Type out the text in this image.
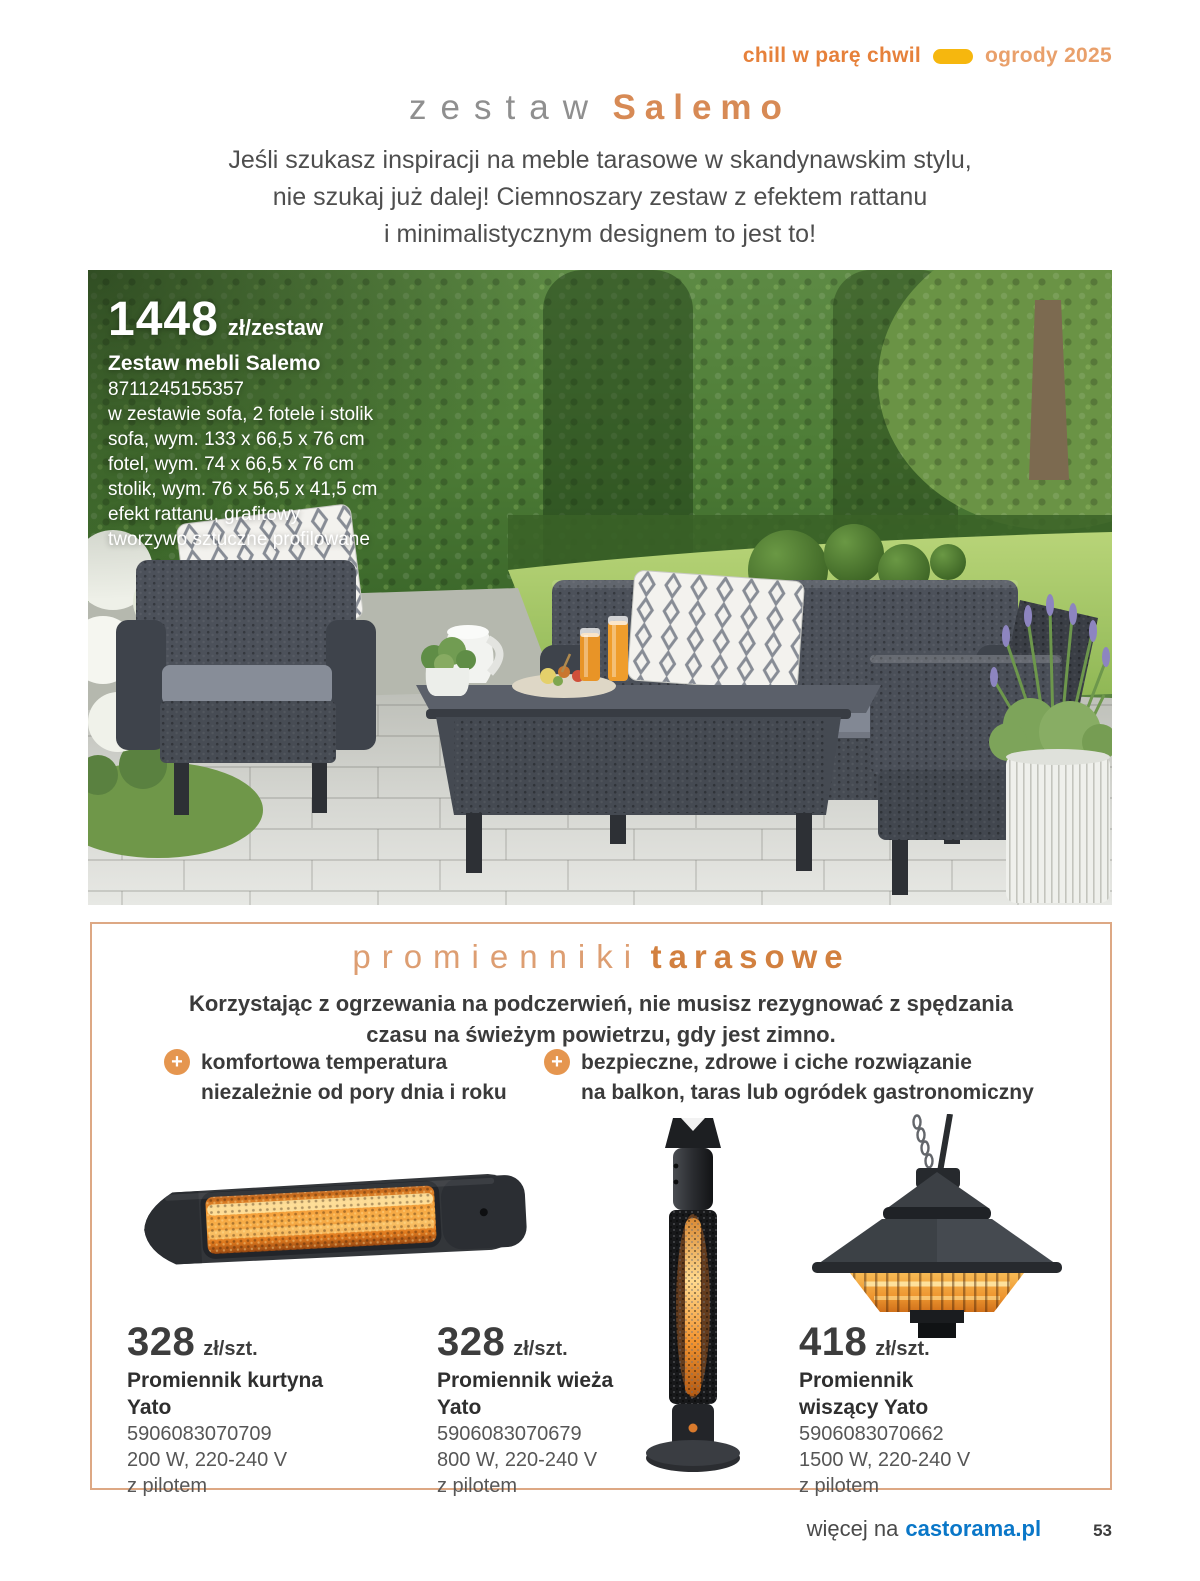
chill w parę chwil	ogrody 2025
zestaw Salemo
Jeśli szukasz inspiracji na meble tarasowe w skandynawskim stylu,
nie szukaj już dalej! Ciemnoszary zestaw z efektem rattanu
i minimalistycznym designem to jest to!
1448 zł/zestaw
Zestaw mebli Salemo
8711245155357
w zestawie sofa, 2 fotele i stolik
sofa, wym. 133 x 66,5 x 76 cm
fotel, wym. 74 x 66,5 x 76 cm
stolik, wym. 76 x 56,5 x 41,5 cm
efekt rattanu, grafitowy
tworzywo sztuczne profilowane
promienniki tarasowe
Korzystając z ogrzewania na podczerwień, nie musisz rezygnować z spędzania
czasu na świeżym powietrzu, gdy jest zimno.
+ komfortowa temperatura
niezależnie od pory dnia i roku
+ bezpieczne, zdrowe i ciche rozwiązanie
na balkon, taras lub ogródek gastronomiczny
328 zł/szt.
Promiennik kurtyna
Yato
5906083070709
200 W, 220-240 V
z pilotem
328 zł/szt.
Promiennik wieża
Yato
5906083070679
800 W, 220-240 V
z pilotem
418 zł/szt.
Promiennik
wiszący Yato
5906083070662
1500 W, 220-240 V
z pilotem
więcej na castorama.pl	53
